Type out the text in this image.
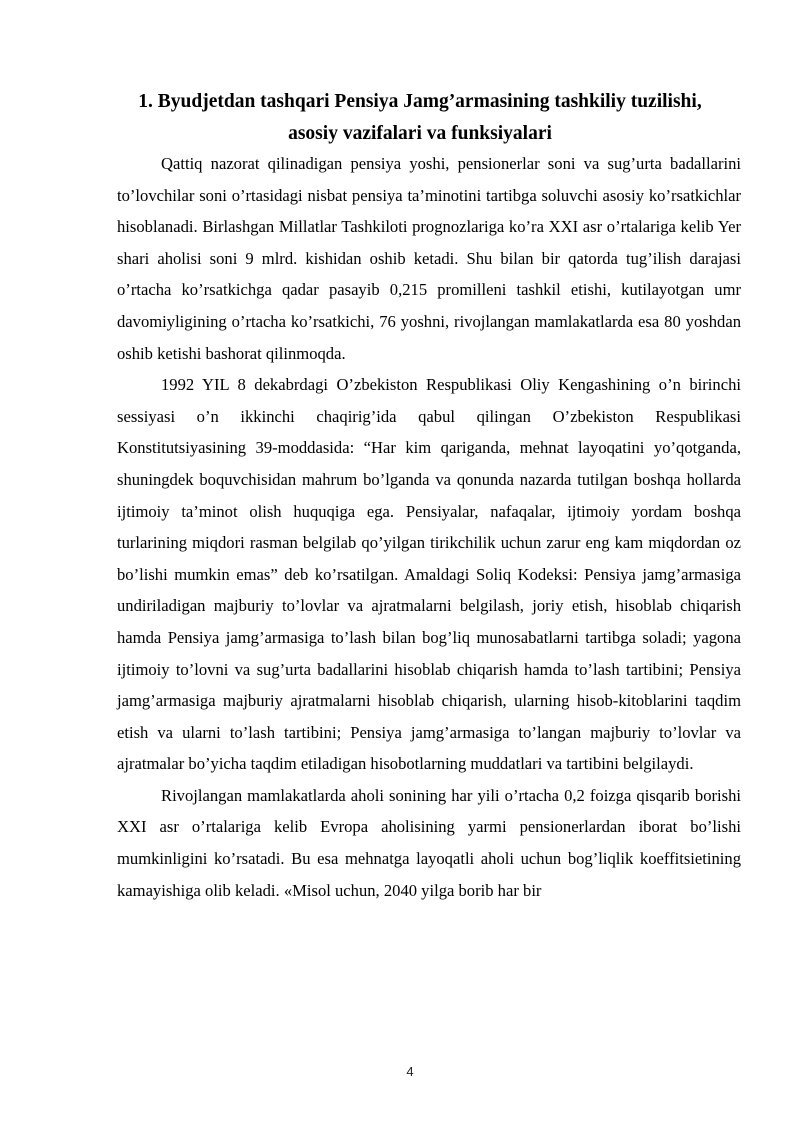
1. Byudjetdan tashqari Pensiya Jamg’armasining tashkiliy tuzilishi,
asosiy vazifalari va funksiyalari

Qattiq nazorat qilinadigan pensiya yoshi, pensionerlar soni va sug’urta badallarini to’lovchilar soni o’rtasidagi nisbat pensiya ta’minotini tartibga soluvchi asosiy ko’rsatkichlar hisoblanadi. Birlashgan Millatlar Tashkiloti prognozlariga ko’ra XXI asr o’rtalariga kelib Yer shari aholisi soni 9 mlrd. kishidan oshib ketadi. Shu bilan bir qatorda tug’ilish darajasi o’rtacha ko’rsatkichga qadar pasayib 0,215 promilleni tashkil etishi, kutilayotgan umr davomiyligining o’rtacha ko’rsatkichi, 76 yoshni, rivojlangan mamlakatlarda esa 80 yoshdan oshib ketishi bashorat qilinmoqda.

1992 YIL 8 dekabrdagi O’zbekiston Respublikasi Oliy Kengashining o’n birinchi sessiyasi o’n ikkinchi chaqirig’ida qabul qilingan O’zbekiston Respublikasi Konstitutsiyasining 39-moddasida: “Har kim qariganda, mehnat layoqatini yo’qotganda, shuningdek boquvchisidan mahrum bo’lganda va qonunda nazarda tutilgan boshqa hollarda ijtimoiy ta’minot olish huquqiga ega. Pensiyalar, nafaqalar, ijtimoiy yordam boshqa turlarining miqdori rasman belgilab qo’yilgan tirikchilik uchun zarur eng kam miqdordan oz bo’lishi mumkin emas” deb ko’rsatilgan. Amaldagi Soliq Kodeksi: Pensiya jamg’armasiga undiriladigan majburiy to’lovlar va ajratmalarni belgilash, joriy etish, hisoblab chiqarish hamda Pensiya jamg’armasiga to’lash bilan bog’liq munosabatlarni tartibga soladi; yagona ijtimoiy to’lovni va sug’urta badallarini hisoblab chiqarish hamda to’lash tartibini; Pensiya jamg’armasiga majburiy ajratmalarni hisoblab chiqarish, ularning hisob-kitoblarini taqdim etish va ularni to’lash tartibini; Pensiya jamg’armasiga to’langan majburiy to’lovlar va ajratmalar bo’yicha taqdim etiladigan hisobotlarning muddatlari va tartibini belgilaydi.

Rivojlangan mamlakatlarda aholi sonining har yili o’rtacha 0,2 foizga qisqarib borishi XXI asr o’rtalariga kelib Evropa aholisining yarmi pensionerlardan iborat bo’lishi mumkinligini ko’rsatadi. Bu esa mehnatga layoqatli aholi uchun bog’liqlik koeffitsietining kamayishiga olib keladi. «Misol uchun, 2040 yilga borib har bir

4
